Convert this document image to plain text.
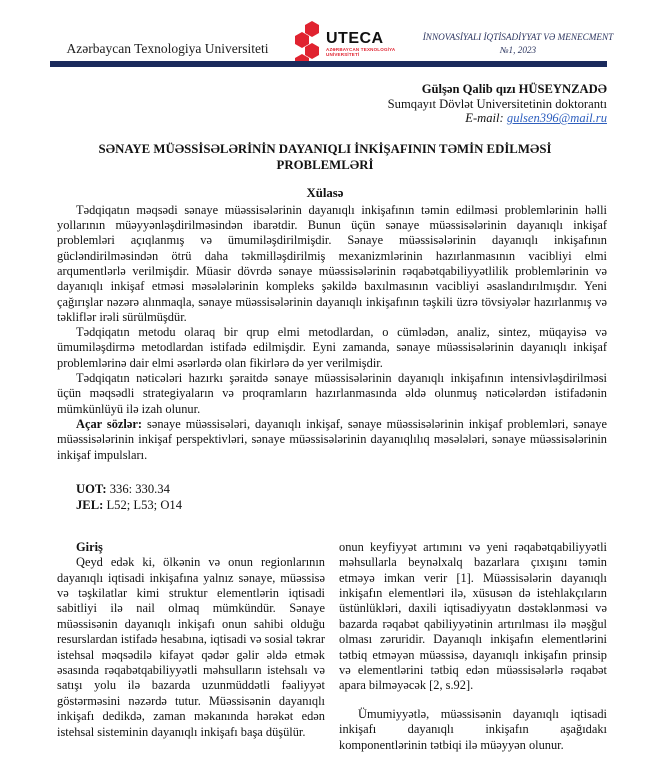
Azərbaycan Texnologiya Universiteti
UTECA
AZƏRBAYCAN TEXNOLOGİYA
UNİVERSİTETİ
İNNOVASİYALI İQTİSADİYYAT VƏ MENECMENT
№1, 2023
Gülşən Qalib qızı HÜSEYNZADƏ
Sumqayıt Dövlət Universitetinin doktorantı
E-mail: gulsen396@mail.ru
SƏNAYE MÜƏSSİSƏLƏRİNİN DAYANIQLI İNKİŞAFININ TƏMİN EDİLMƏSİ PROBLEMLƏRİ
Xülasə

Tədqiqatın məqsədi sənaye müəssisələrinin dayanıqlı inkişafının təmin edilməsi problemlərinin həlli yollarının müəyyənləşdirilməsindən ibarətdir. Bunun üçün sənaye müəssisələrinin dayanıqlı inkişaf problemləri açıqlanmış və ümumiləşdirilmişdir. Sənaye müəssisələrinin dayanıqlı inkişafının gücləndirilməsindən ötrü daha təkmilləşdirilmiş mexanizmlərinin hazırlanmasının vacibliyi elmi arqumentlərlə verilmişdir. Müasir dövrdə sənaye müəssisələrinin rəqabətqabiliyyətlilik problemlərinin və dayanıqlı inkişaf etməsi məsələlərinin kompleks şəkildə baxılmasının vacibliyi əsaslandırılmışdır. Yeni çağırışlar nəzərə alınmaqla, sənaye müəssisələrinin dayanıqlı inkişafının təşkili üzrə tövsiyələr hazırlanmış və təkliflər irəli sürülmüşdür.

Tədqiqatın metodu olaraq bir qrup elmi metodlardan, o cümlədən, analiz, sintez, müqayisə və ümumiləşdirmə metodlardan istifadə edilmişdir. Eyni zamanda, sənaye müəssisələrinin dayanıqlı inkişaf problemlərinə dair elmi əsərlərdə olan fikirlərə də yer verilmişdir.

Tədqiqatın nəticələri hazırkı şəraitdə sənaye müəssisələrinin dayanıqlı inkişafının intensivləşdirilməsi üçün məqsədli strategiyaların və proqramların hazırlanmasında əldə olunmuş nəticələrdən istifadənin mümkünlüyü ilə izah olunur.

Açar sözlər: sənaye müəssisələri, dayanıqlı inkişaf, sənaye müəssisələrinin inkişaf problemləri, sənaye müəssisələrinin inkişaf perspektivləri, sənaye müəssisələrinin dayanıqlılıq məsələləri, sənaye müəssisələrinin inkişaf impulsları.

UOT: 336: 330.34
JEL: L52; L53; O14
Giriş

Qeyd edək ki, ölkənin və onun regionlarının dayanıqlı iqtisadi inkişafına yalnız sənaye, müəssisə və təşkilatlar kimi struktur elementlərin iqtisadi sabitliyi ilə nail olmaq mümkündür. Sənaye müəssisənin dayanıqlı inkişafı onun sahibi olduğu resurslardan istifadə hesabına, iqtisadi və sosial təkrar istehsal məqsədilə kifayət qədər gəlir əldə etmək əsasında rəqabətqabiliyyətli məhsulların istehsalı və satışı yolu ilə bazarda uzunmüddətli fəaliyyət göstərməsini nəzərdə tutur. Müəssisənin dayanıqlı inkişafı dedikdə, zaman məkanında hərəkət edən istehsal sisteminin dayanıqlı inkişafı başa düşülür.

onun keyfiyyət artımını və yeni rəqabətqabiliyyətli məhsullarla beynəlxalq bazarlara çıxışını təmin etməyə imkan verir [1]. Müəssisələrin dayanıqlı inkişafın elementləri ilə, xüsusən də istehlakçıların üstünlükləri, daxili iqtisadiyyatın dəstəklənməsi və bazarda rəqabət qabiliyyətinin artırılması ilə məşğul olması zəruridir. Dayanıqlı inkişafın elementlərini tətbiq etməyən müəssisə, dayanıqlı inkişafın prinsip və elementlərini tətbiq edən müəssisələrlə rəqabət apara bilməyəcək [2, s.92].

Ümumiyyətlə, müəssisənin dayanıqlı iqtisadi inkişafı dayanıqlı inkişafın aşağıdakı komponentlərinin tətbiqi ilə müəyyən olunur.
